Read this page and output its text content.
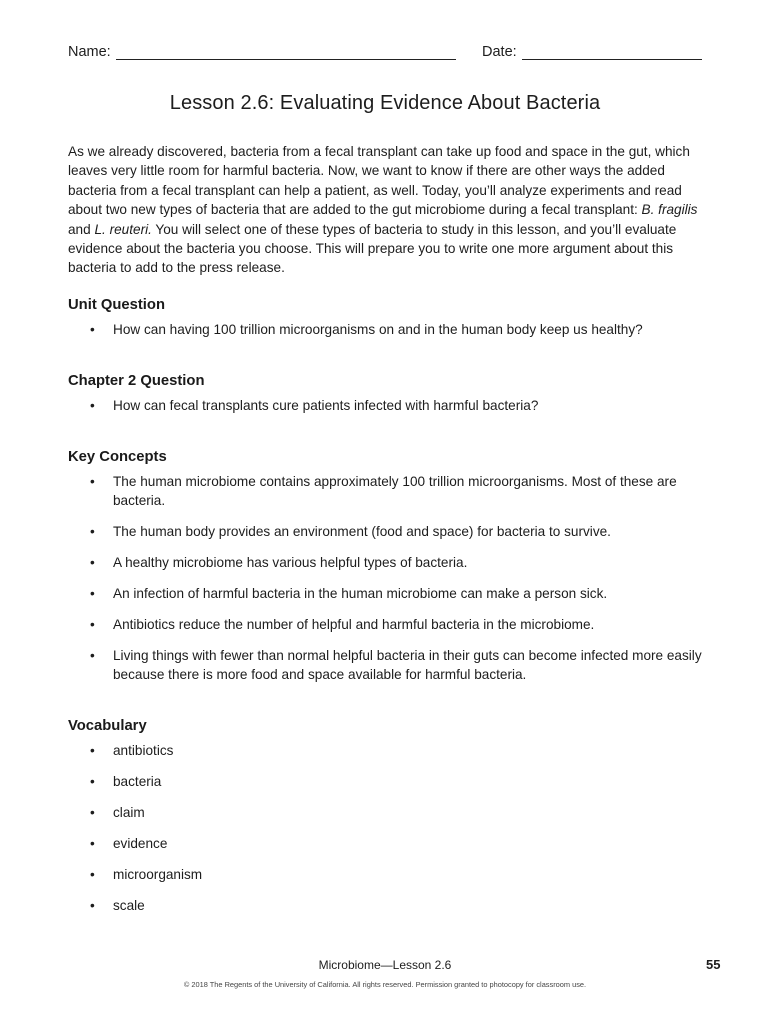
Name:	Date:
Lesson 2.6: Evaluating Evidence About Bacteria

As we already discovered, bacteria from a fecal transplant can take up food and space in the gut, which leaves very little room for harmful bacteria. Now, we want to know if there are other ways the added bacteria from a fecal transplant can help a patient, as well. Today, you’ll analyze experiments and read about two new types of bacteria that are added to the gut microbiome during a fecal transplant: B. fragilis and L. reuteri. You will select one of these types of bacteria to study in this lesson, and you’ll evaluate evidence about the bacteria you choose. This will prepare you to write one more argument about this bacteria to add to the press release.

Unit Question
• How can having 100 trillion microorganisms on and in the human body keep us healthy?
Chapter 2 Question
• How can fecal transplants cure patients infected with harmful bacteria?
Key Concepts
• The human microbiome contains approximately 100 trillion microorganisms. Most of these are bacteria.
• The human body provides an environment (food and space) for bacteria to survive.
• A healthy microbiome has various helpful types of bacteria.
• An infection of harmful bacteria in the human microbiome can make a person sick.
• Antibiotics reduce the number of helpful and harmful bacteria in the microbiome.
• Living things with fewer than normal helpful bacteria in their guts can become infected more easily because there is more food and space available for harmful bacteria.
Vocabulary
• antibiotics
• bacteria
• claim
• evidence
• microorganism
• scale
Microbiome—Lesson 2.6	55
© 2018 The Regents of the University of California. All rights reserved. Permission granted to photocopy for classroom use.
